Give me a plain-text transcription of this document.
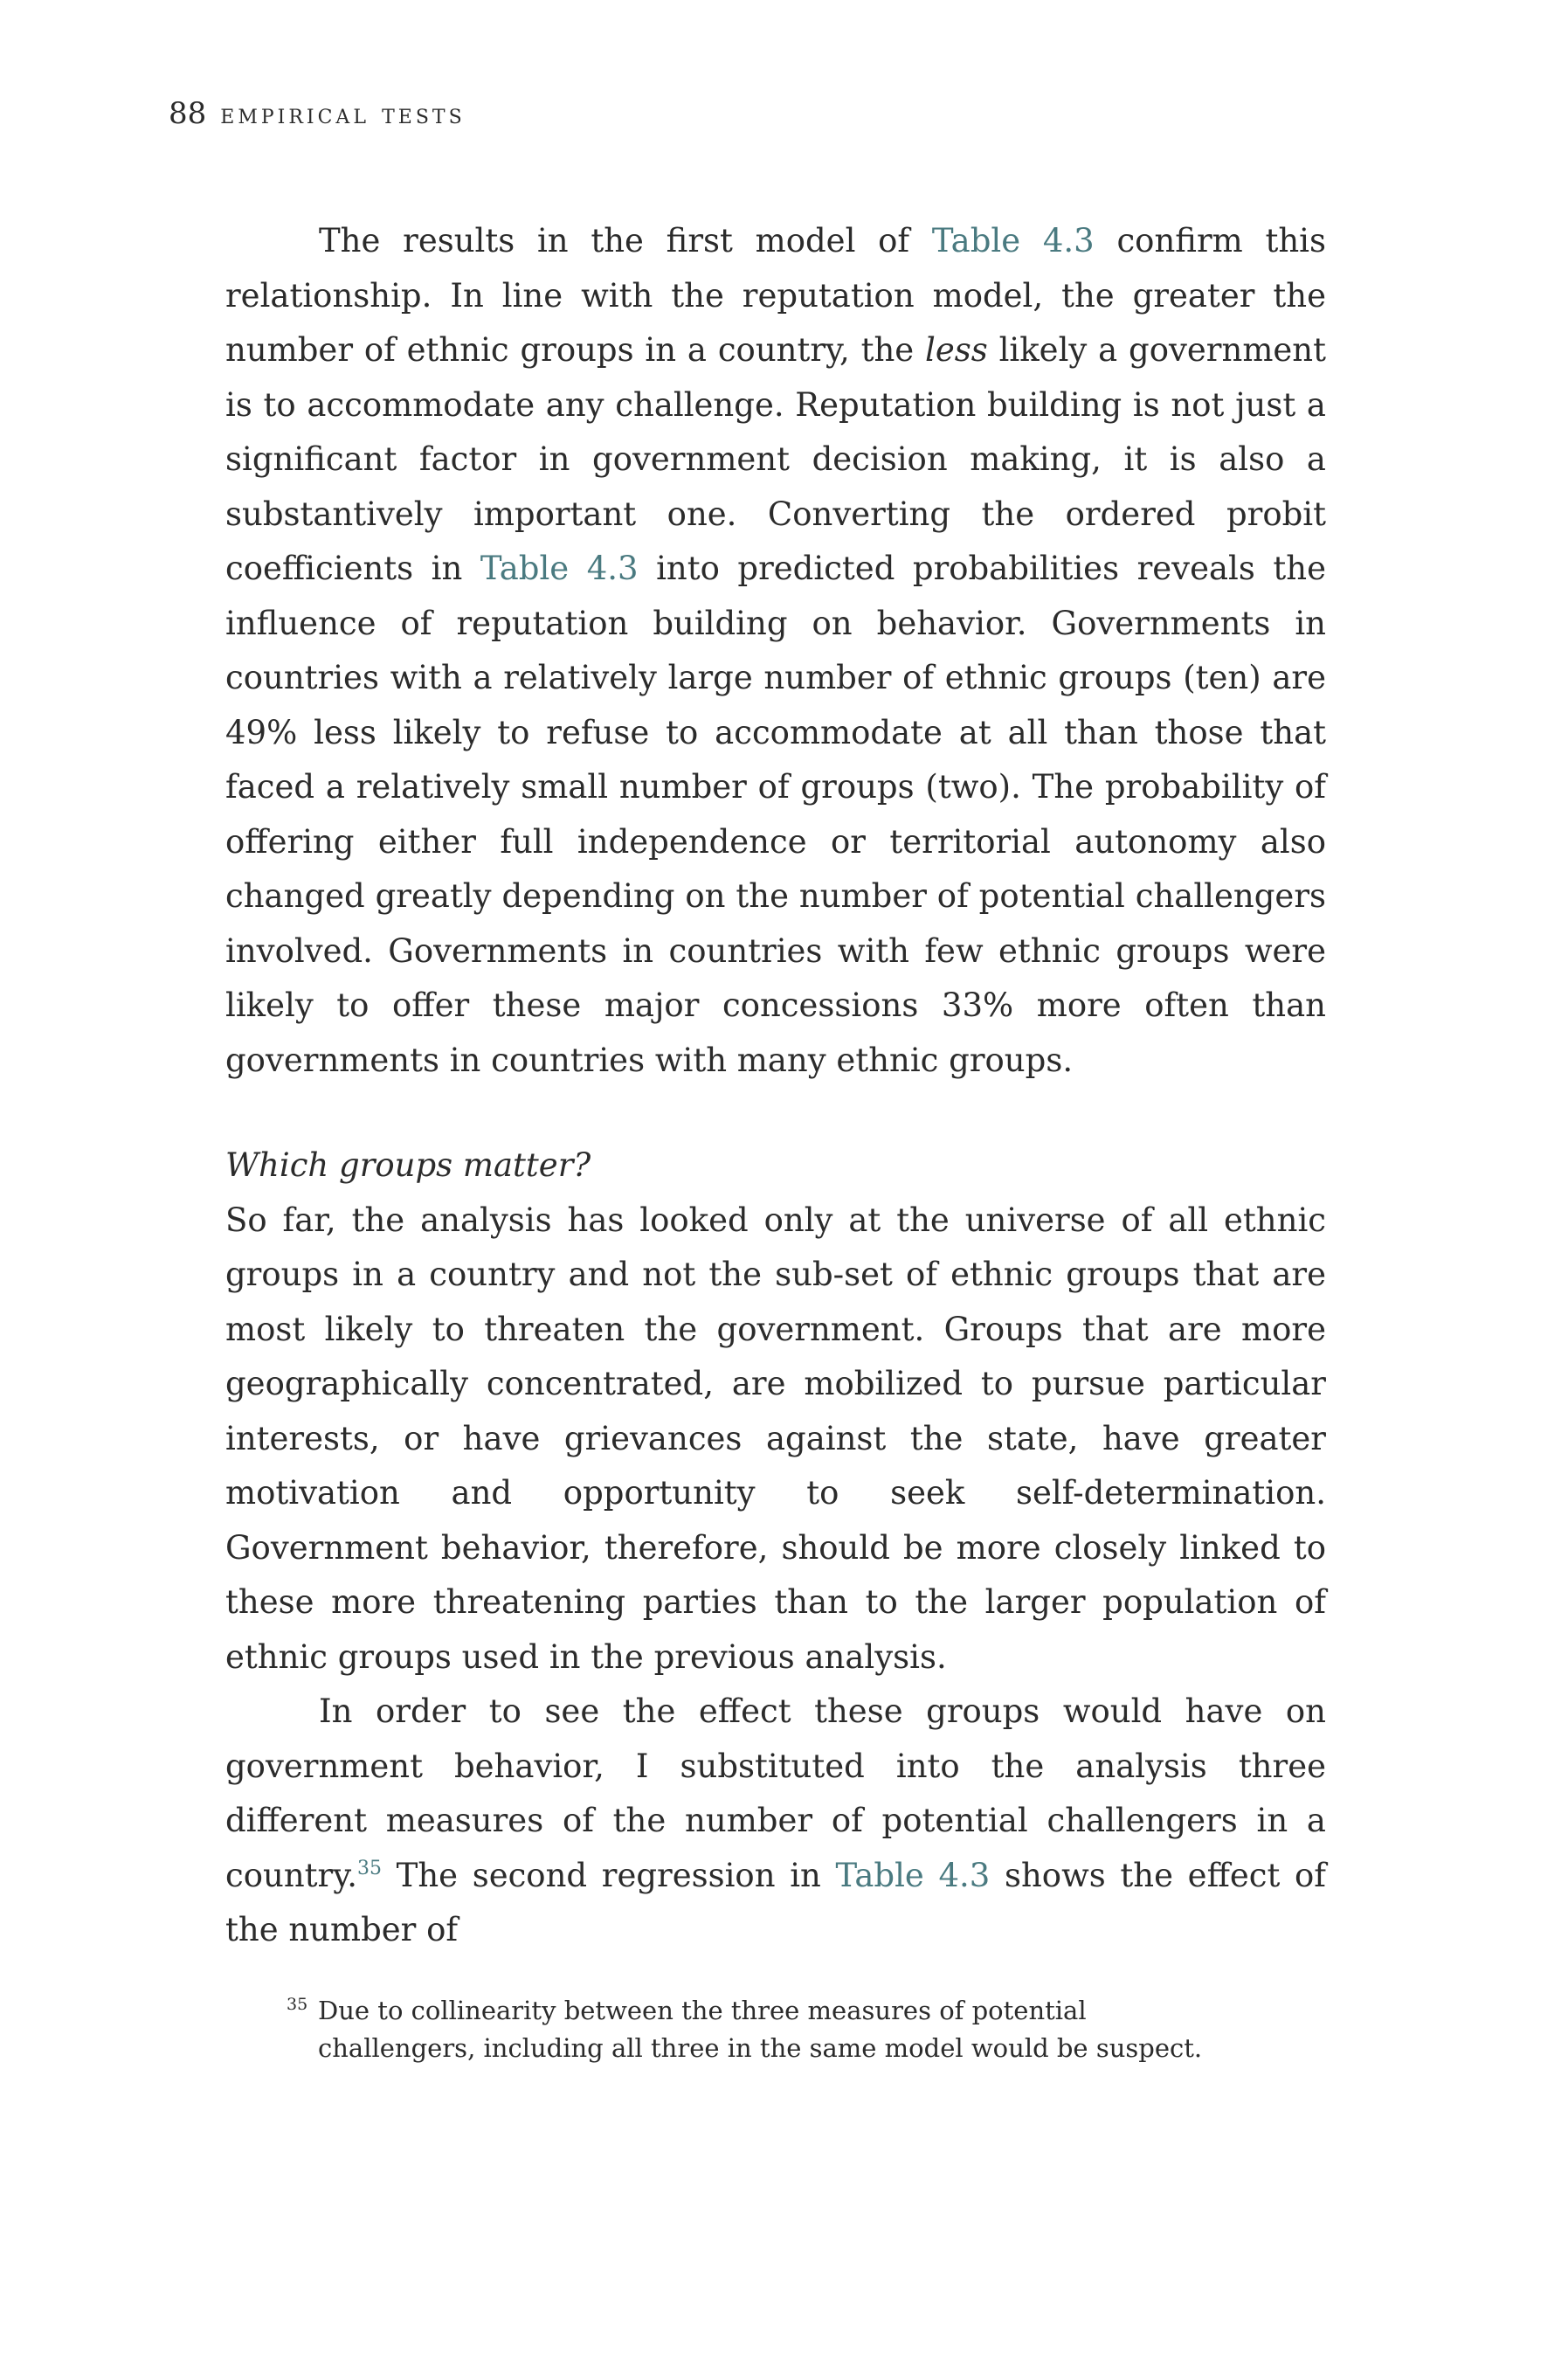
88 empirical tests

The results in the first model of Table 4.3 confirm this relationship. In line with the reputation model, the greater the number of ethnic groups in a country, the less likely a government is to accommodate any challenge. Reputation building is not just a significant factor in government decision making, it is also a substantively important one. Converting the ordered probit coefficients in Table 4.3 into predicted probabilities reveals the influence of reputation building on behavior. Governments in countries with a relatively large number of ethnic groups (ten) are 49% less likely to refuse to accommodate at all than those that faced a relatively small number of groups (two). The probability of offering either full independence or territorial autonomy also changed greatly depending on the number of potential challengers involved. Governments in countries with few ethnic groups were likely to offer these major concessions 33% more often than governments in countries with many ethnic groups.

Which groups matter?

So far, the analysis has looked only at the universe of all ethnic groups in a country and not the sub-set of ethnic groups that are most likely to threaten the government. Groups that are more geographically concentrated, are mobilized to pursue particular interests, or have grievances against the state, have greater motivation and opportunity to seek self-determination. Government behavior, therefore, should be more closely linked to these more threatening parties than to the larger population of ethnic groups used in the previous analysis.

In order to see the effect these groups would have on government behavior, I substituted into the analysis three different measures of the number of potential challengers in a country.$^{35}$ The second regression in Table 4.3 shows the effect of the number of

35 Due to collinearity between the three measures of potential challengers, including all three in the same model would be suspect.
